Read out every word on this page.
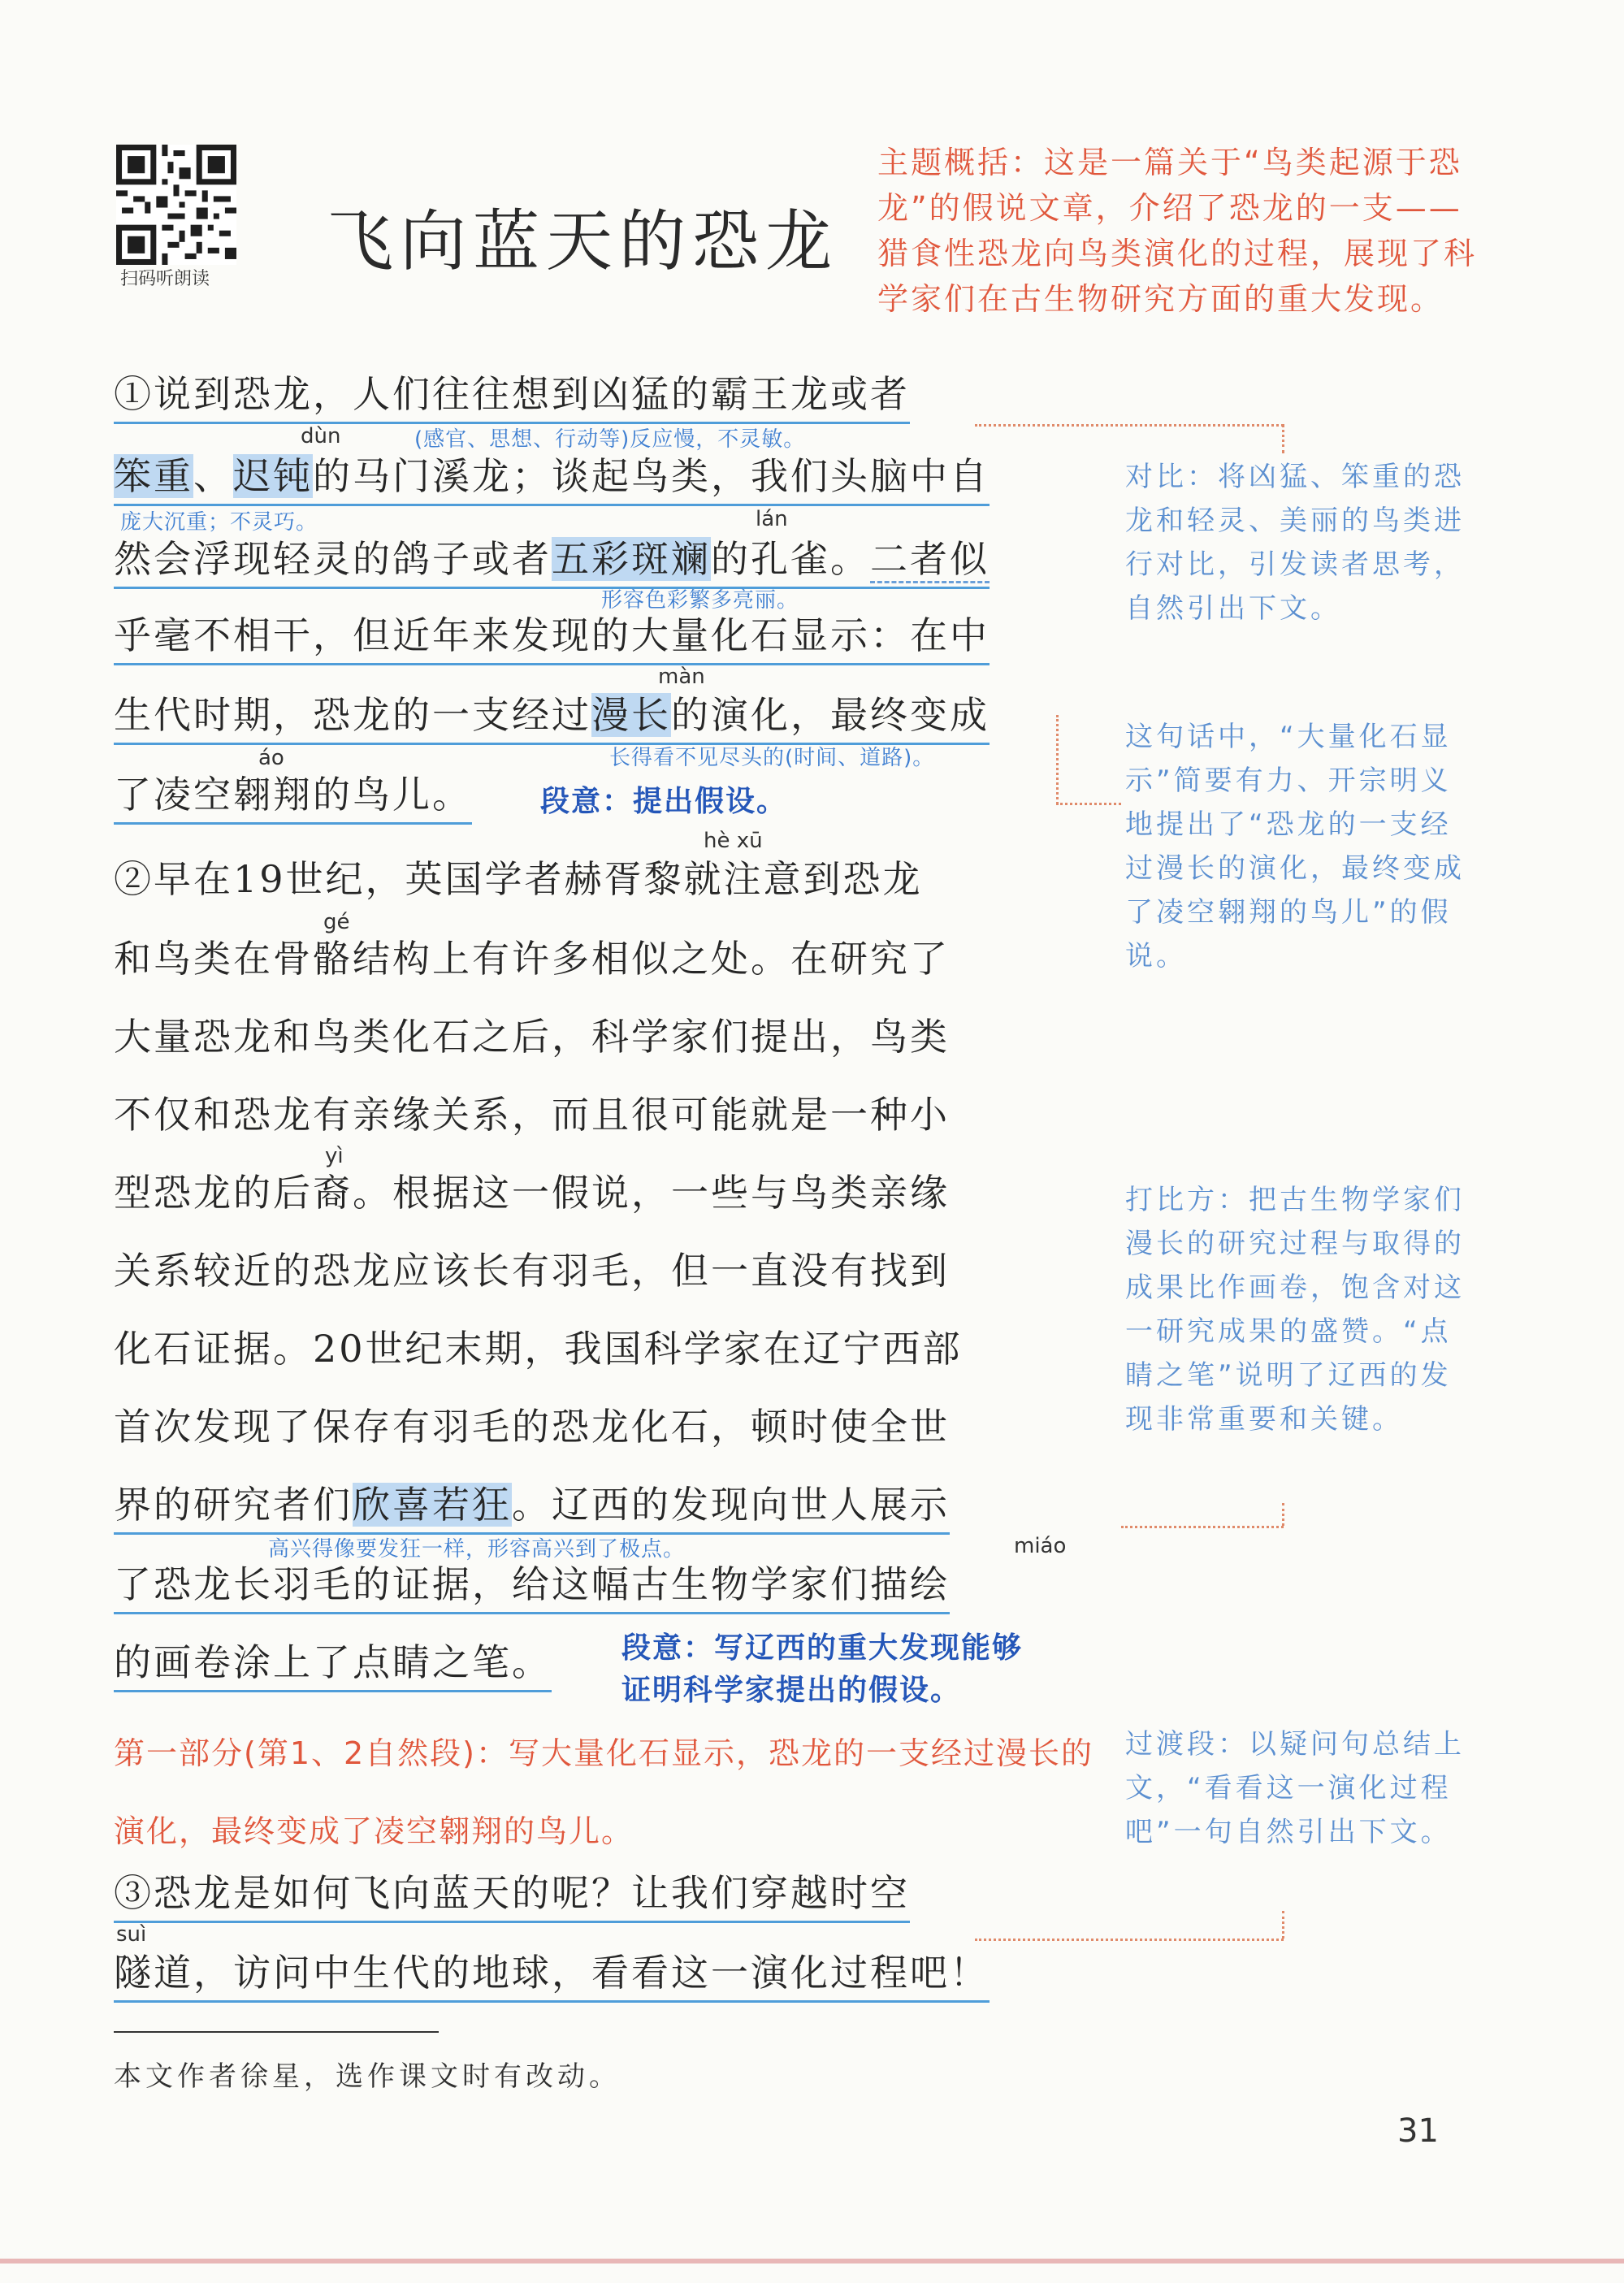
扫码听朗读 飞向蓝天的恐龙
主题概括：这是一篇关于“鸟类起源于恐龙”的假说文章，介绍了恐龙的一支——猎食性恐龙向鸟类演化的过程，展现了科学家们在古生物研究方面的重大发现。
①说到恐龙，人们往往想到凶猛的霸王龙或者
(感官、思想、行动等)反应慢，不灵敏。
dùn
笨重、迟钝的马门溪龙；谈起鸟类，我们头脑中自
庞大沉重；不灵巧。	lán
然会浮现轻灵的鸽子或者五彩斑斓的孔雀。二者似
形容色彩繁多亮丽。
乎毫不相干，但近年来发现的大量化石显示：在中
màn
生代时期，恐龙的一支经过漫长的演化，最终变成
áo	长得看不见尽头的(时间、道路)。
了凌空翱翔的鸟儿。 段意：提出假设。
hè xū
②早在19世纪，英国学者赫胥黎就注意到恐龙
gé
和鸟类在骨骼结构上有许多相似之处。在研究了
大量恐龙和鸟类化石之后，科学家们提出，鸟类
不仅和恐龙有亲缘关系，而且很可能就是一种小
yì
型恐龙的后裔。根据这一假说，一些与鸟类亲缘
关系较近的恐龙应该长有羽毛，但一直没有找到
化石证据。20世纪末期，我国科学家在辽宁西部
首次发现了保存有羽毛的恐龙化石，顿时使全世
界的研究者们欣喜若狂。辽西的发现向世人展示
高兴得像要发狂一样，形容高兴到了极点。	miáo
了恐龙长羽毛的证据，给这幅古生物学家们描绘
的画卷涂上了点睛之笔。 段意：写辽西的重大发现能够
证明科学家提出的假设。
第一部分(第1、2自然段)：写大量化石显示，恐龙的一支经过漫长的演化，最终变成了凌空翱翔的鸟儿。
③恐龙是如何飞向蓝天的呢？让我们穿越时空
suì
隧道，访问中生代的地球，看看这一演化过程吧！
对比：将凶猛、笨重的恐龙和轻灵、美丽的鸟类进行对比，引发读者思考，自然引出下文。
这句话中，“大量化石显示”简要有力、开宗明义地提出了“恐龙的一支经过漫长的演化，最终变成了凌空翱翔的鸟儿”的假说。
打比方：把古生物学家们漫长的研究过程与取得的成果比作画卷，饱含对这一研究成果的盛赞。“点睛之笔”说明了辽西的发现非常重要和关键。
过渡段：以疑问句总结上文，“看看这一演化过程吧”一句自然引出下文。
本文作者徐星，选作课文时有改动。
31
